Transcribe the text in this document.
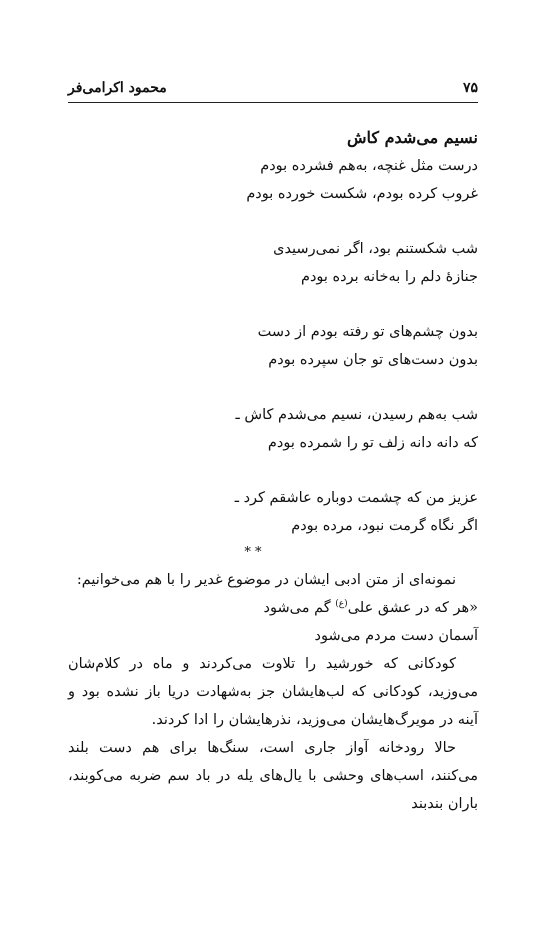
محمود اکرامی‌فر	۷۵
نسیم می‌شدم کاش
درست مثل غنچه، به‌هم فشرده بودم
غروب کرده بودم، شکست خورده بودم
شب شکستنم بود، اگر نمی‌رسیدی
جنازهٔ دلم را به‌خانه برده بودم
بدون چشم‌های تو رفته بودم از دست
بدون دست‌های تو جان سپرده بودم
شب به‌هم رسیدن، نسیم می‌شدم کاش ـ
که دانه دانه زلف تو را شمرده بودم
عزیز من که چشمت دوباره عاشقم کرد ـ
اگر نگاه گرمت نبود، مرده بودم
* *

نمونه‌ای از متن ادبی ایشان در موضوع غدیر را با هم می‌خوانیم:

«هر که در عشق علی$^{(ع)}$ گم می‌شود

آسمان دست مردم می‌شود

کودکانی که خورشید را تلاوت می‌کردند و ماه در کلام‌شان می‌وزید، کودکانی که لب‌هایشان جز به‌شهادت دریا باز نشده بود و آینه در مویرگ‌هایشان می‌وزید، نذرهایشان را ادا کردند.

حالا رودخانه آواز جاری است، سنگ‌ها برای هم دست بلند می‌کنند، اسب‌های وحشی با یال‌های یله در باد سم ضربه می‌کوبند، باران بندبند
